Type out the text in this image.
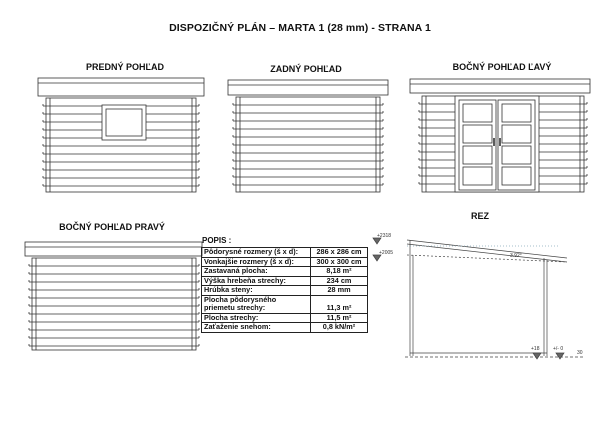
DISPOZIČNÝ PLÁN – MARTA 1 (28 mm) - STRANA 1
PREDNÝ POHĽAD	ZADNÝ POHĽAD	BOČNÝ POHĽAD ĽAVÝ
BOČNÝ POHĽAD PRAVÝ
REZ
POPIS :
Pôdorysné rozmery (š x d):	286 x 286 cm
Vonkajšie rozmery (š x d):	300 x 300 cm
Zastavaná plocha:	8,18 m²
Výška hrebeňa strechy:	234 cm
Hrúbka steny:	28 mm
Plocha pôdorysného	
priemetu strechy:	11,3 m²
Plocha strechy:	11,5 m²
Zaťaženie snehom:	0,8 kN/m²
+2318
+2005	3.92°
+18	+/- 0
30
